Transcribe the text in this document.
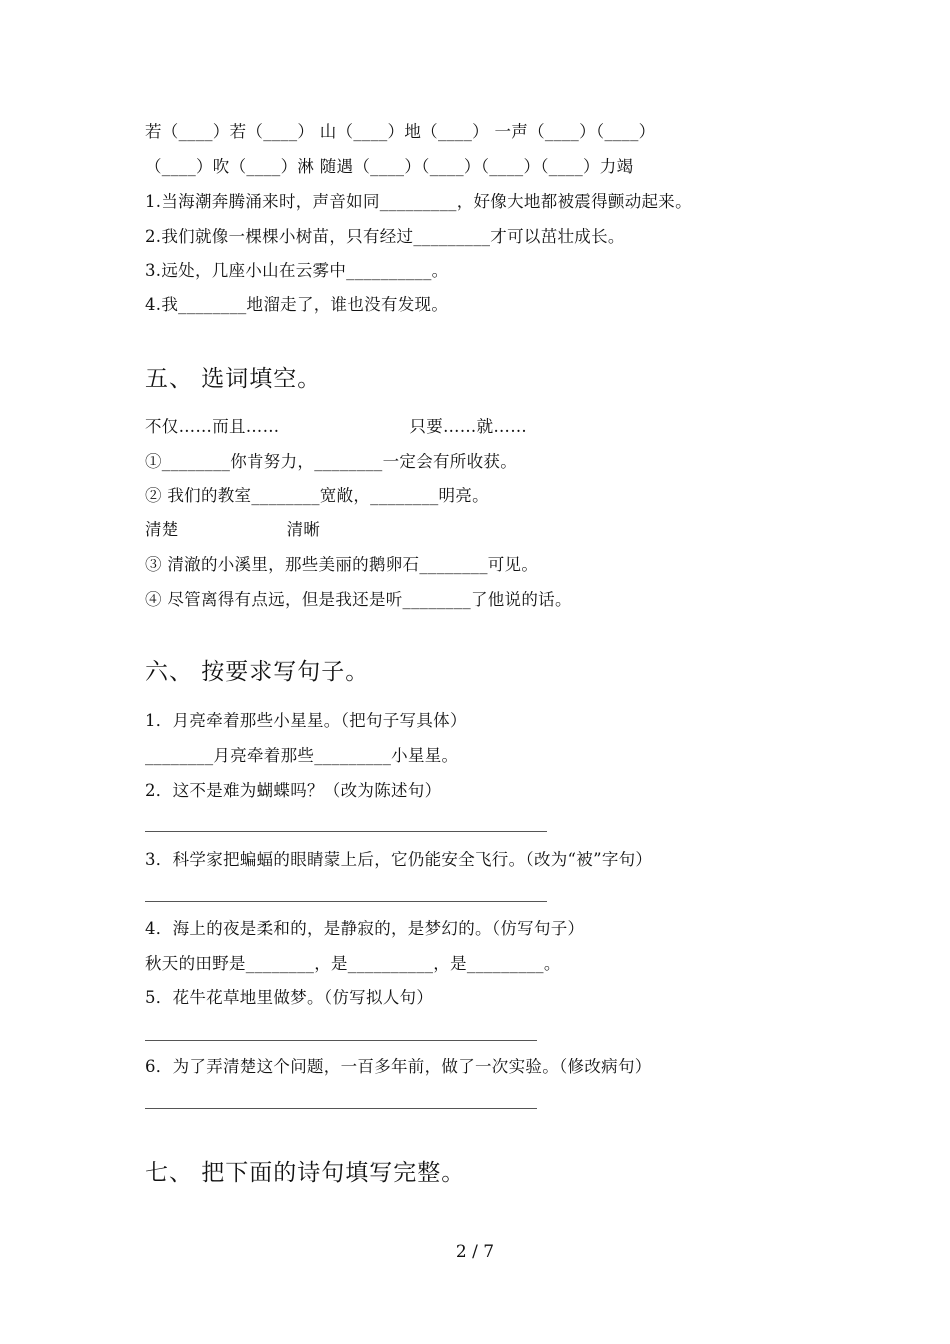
若（____）若（____） 山（____）地（____） 一声（____）（____）
（____）吹（____）淋 随遇（____）（____）（____）（____）力竭
1.当海潮奔腾涌来时，声音如同_________，好像大地都被震得颤动起来。
2.我们就像一棵棵小树苗，只有经过_________才可以茁壮成长。
3.远处，几座小山在云雾中__________。
4.我________地溜走了，谁也没有发现。
五、 选词填空。
不仅……而且……	只要……就……
①________你肯努力，________一定会有所收获。
② 我们的教室________宽敞，________明亮。
清楚	清晰
③ 清澈的小溪里，那些美丽的鹅卵石________可见。
④ 尽管离得有点远，但是我还是听________了他说的话。
六、 按要求写句子。
1．月亮牵着那些小星星。（把句子写具体）
________月亮牵着那些_________小星星。
2．这不是难为蝴蝶吗？（改为陈述句）
3．科学家把蝙蝠的眼睛蒙上后，它仍能安全飞行。（改为“被”字句）
4．海上的夜是柔和的，是静寂的，是梦幻的。（仿写句子）
秋天的田野是________，是__________，是_________。
5．花牛花草地里做梦。（仿写拟人句）
6．为了弄清楚这个问题，一百多年前，做了一次实验。（修改病句）
七、 把下面的诗句填写完整。
2 / 7
